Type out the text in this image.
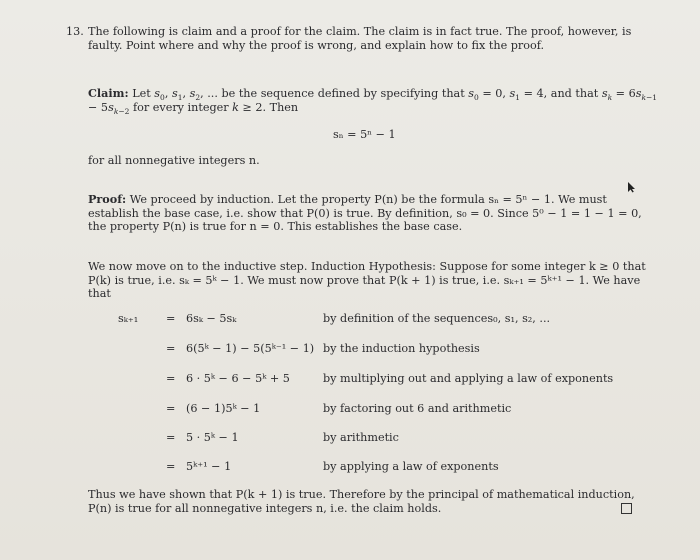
13. The following is claim and a proof for the claim. The claim is in fact true. The proof, however, is faulty. Point where and why the proof is wrong, and explain how to fix the proof.
Claim: Let $s_0$, $s_1$, $s_2$, ... be the sequence defined by specifying that $s_0 = 0$, $s_1 = 4$, and that $s_k = 6s_{k-1} - 5s_{k-2}$ for every integer k ≥ 2. Then
sₙ = 5ⁿ − 1
for all nonnegative integers n.
Proof: We proceed by induction. Let the property P(n) be the formula sₙ = 5ⁿ − 1. We must establish the base case, i.e. show that P(0) is true. By definition, s₀ = 0. Since 5⁰ − 1 = 1 − 1 = 0, the property P(n) is true for n = 0. This establishes the base case.
We now move on to the inductive step. Induction Hypothesis: Suppose for some integer k ≥ 0 that P(k) is true, i.e. sₖ = 5ᵏ − 1. We must now prove that P(k + 1) is true, i.e. sₖ₊₁ = 5ᵏ⁺¹ − 1. We have that
sₖ₊₁ = 6sₖ − 5sₖ	by definition of the sequences₀, s₁, s₂, ...
= 6(5ᵏ − 1) − 5(5ᵏ⁻¹ − 1) by the induction hypothesis
= 6 · 5ᵏ − 6 − 5ᵏ + 5	by multiplying out and applying a law of exponents
= (6 − 1)5ᵏ − 1	by factoring out 6 and arithmetic
= 5 · 5ᵏ − 1	by arithmetic
= 5ᵏ⁺¹ − 1	by applying a law of exponents
Thus we have shown that P(k + 1) is true. Therefore by the principal of mathematical induction, P(n) is true for all nonnegative integers n, i.e. the claim holds.
